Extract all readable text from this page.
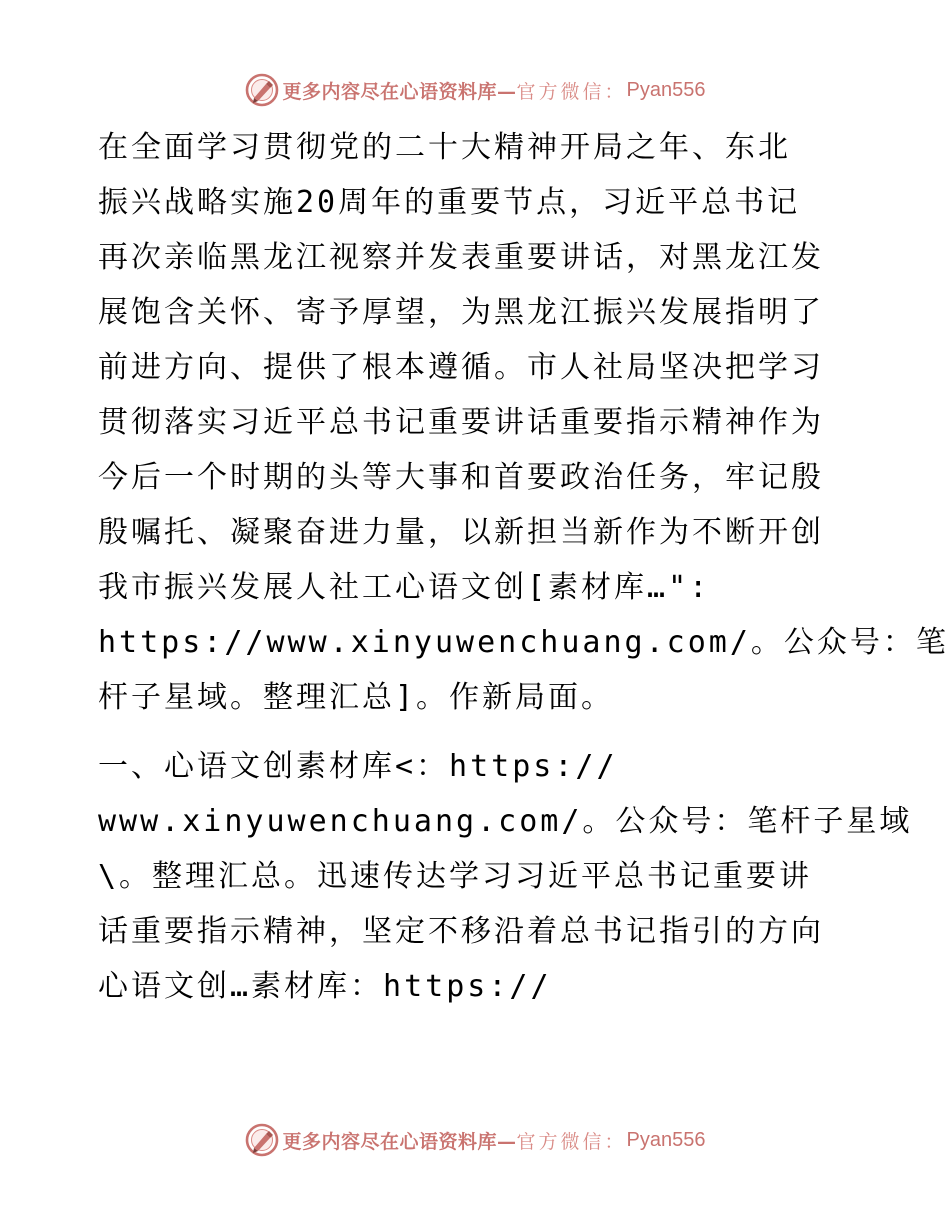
更多内容尽在心语资料库— 官方微信： Pyan556
在全面学习贯彻党的二十大精神开局之年、东北
振兴战略实施20周年的重要节点，习近平总书记
再次亲临黑龙江视察并发表重要讲话，对黑龙江发
展饱含关怀、寄予厚望，为黑龙江振兴发展指明了
前进方向、提供了根本遵循。市人社局坚决把学习
贯彻落实习近平总书记重要讲话重要指示精神作为
今后一个时期的头等大事和首要政治任务，牢记殷
殷嘱托、凝聚奋进力量，以新担当新作为不断开创
我市振兴发展人社工心语文创[素材库…":
https://www.xinyuwenchuang.com/。公众号：笔
杆子星域。整理汇总]。作新局面。
一、心语文创素材库<：https://
www.xinyuwenchuang.com/。公众号：笔杆子星域
\。整理汇总。迅速传达学习习近平总书记重要讲
话重要指示精神，坚定不移沿着总书记指引的方向
心语文创…素材库：https://
更多内容尽在心语资料库— 官方微信： Pyan556
